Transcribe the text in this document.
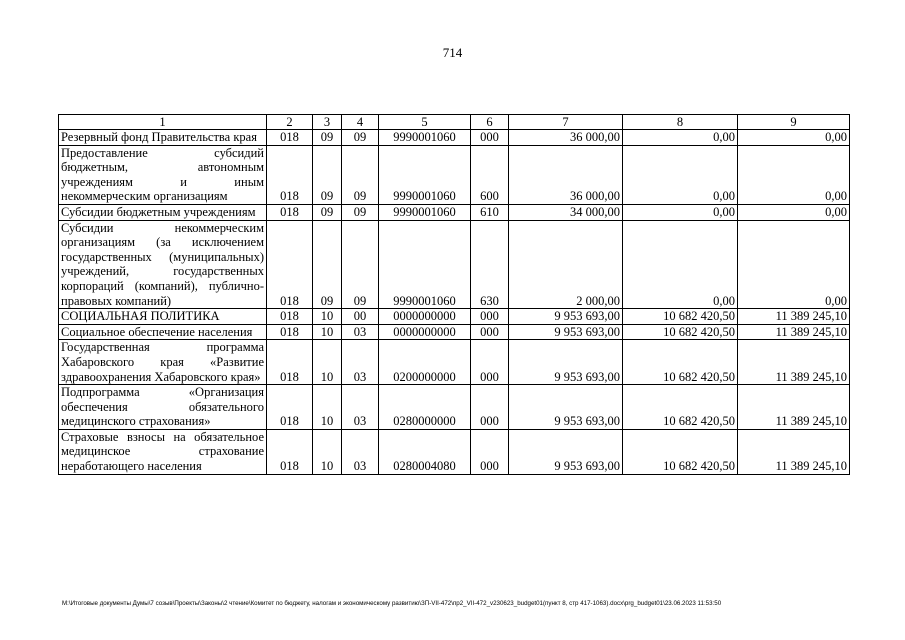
714
1	2	3	4	5	6	7	8	9
Резервный фонд Правительства края	018	09	09	9990001060	000	36 000,00	0,00	0,00
Предоставление субсидий бюджетным, автономным учреждениям и иным некоммерческим организациям	018	09	09	9990001060	600	36 000,00	0,00	0,00
Субсидии бюджетным учреждениям	018	09	09	9990001060	610	34 000,00	0,00	0,00
Субсидии некоммерческим организациям (за исключением государственных (муниципальных) учреждений, государственных корпораций (компаний), публично-правовых компаний)	018	09	09	9990001060	630	2 000,00	0,00	0,00
СОЦИАЛЬНАЯ ПОЛИТИКА	018	10	00	0000000000	000	9 953 693,00	10 682 420,50	11 389 245,10
Социальное обеспечение населения	018	10	03	0000000000	000	9 953 693,00	10 682 420,50	11 389 245,10
Государственная программа Хабаровского края «Развитие здравоохранения Хабаровского края»	018	10	03	0200000000	000	9 953 693,00	10 682 420,50	11 389 245,10
Подпрограмма «Организация обеспечения обязательного медицинского страхования»	018	10	03	0280000000	000	9 953 693,00	10 682 420,50	11 389 245,10
Страховые взносы на обязательное медицинское страхование неработающего населения	018	10	03	0280004080	000	9 953 693,00	10 682 420,50	11 389 245,10
M:\Итоговые документы Думы\7 созыв\Проекты\Законы\2 чтение\Комитет по бюджету, налогам и экономическому развитию\ЗП-VII-472\пр2_VII-472_v230623_budget01(пункт 8, стр 417-1063).docx\prg_budget01\23.06.2023 11:53:50
